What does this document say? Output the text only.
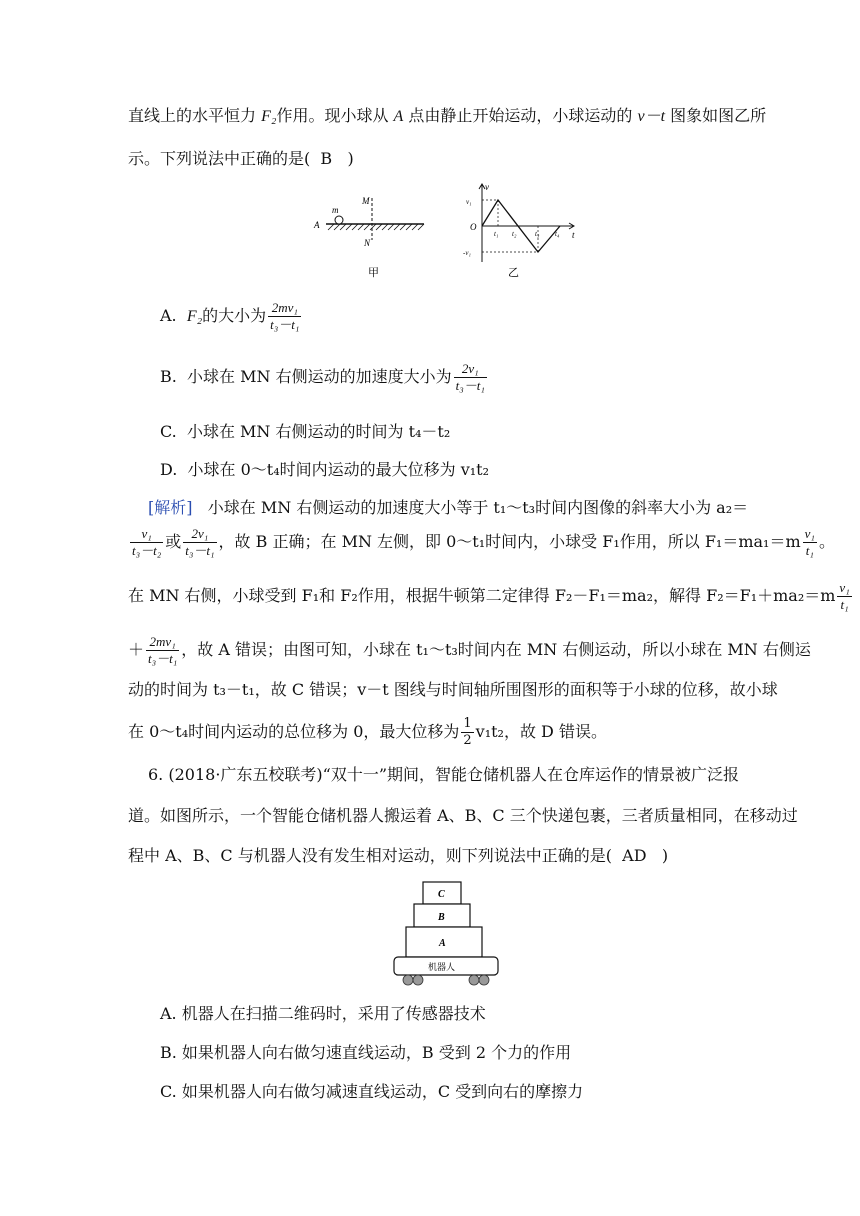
直线上的水平恒力 F₂作用。现小球从 A 点由静止开始运动，小球运动的 v－t 图象如图乙所
示。下列说法中正确的是( B )
m
M
A
N
甲
v
t
O
v₁
-v₁
t₁ t₂	t₃ t₄
乙
A. F₂的大小为 $\frac{\text{2mv₁}}{\text{t₃－t₁}}$
B. 小球在 MN 右侧运动的加速度大小为 $\frac{\text{2v₁}}{\text{t₃－t₁}}$
C. 小球在 MN 右侧运动的时间为 t₄－t₂
D. 小球在 0～t₄时间内运动的最大位移为 v₁t₂
[解析] 小球在 MN 右侧运动的加速度大小等于 t₁～t₃时间内图像的斜率大小为 a₂＝
$\frac{\text{v₁}}{\text{t₃－t₂}}$ 或 $\frac{\text{2v₁}}{\text{t₃－t₁}}$ ，故 B 正确；在 MN 左侧，即 0～t₁时间内，小球受 F₁作用，所以 $F_1=ma_1=m \frac{\text{v₁}}{\text{t₁}}$ 。
在 MN 右侧，小球受到 F₁和 F₂作用，根据牛顿第二定律得 F₂－F₁＝ma₂，解得 $F_2=F_1+ma_2=m \frac{\text{v₁}}{\text{t₁}}$
＋ $\frac{\text{2mv₁}}{\text{t₃－t₁}}$ ，故 A 错误；由图可知，小球在 t₁～t₃时间内在 MN 右侧运动，所以小球在 MN 右侧运
动的时间为 t₃－t₁，故 C 错误；v－t 图线与时间轴所围图形的面积等于小球的位移，故小球
在 0～t₄时间内运动的总位移为 0，最大位移为 $\frac{1}{2} v_1t_2$，故 D 错误。
6. (2018·广东五校联考)“双十一”期间，智能仓储机器人在仓库运作的情景被广泛报
道。如图所示，一个智能仓储机器人搬运着 A、B、C 三个快递包裹，三者质量相同，在移动过
程中 A、B、C 与机器人没有发生相对运动，则下列说法中正确的是( AD )
C
B
A
机器人
A. 机器人在扫描二维码时，采用了传感器技术
B. 如果机器人向右做匀速直线运动，B 受到 2 个力的作用
C. 如果机器人向右做匀减速直线运动，C 受到向右的摩擦力
